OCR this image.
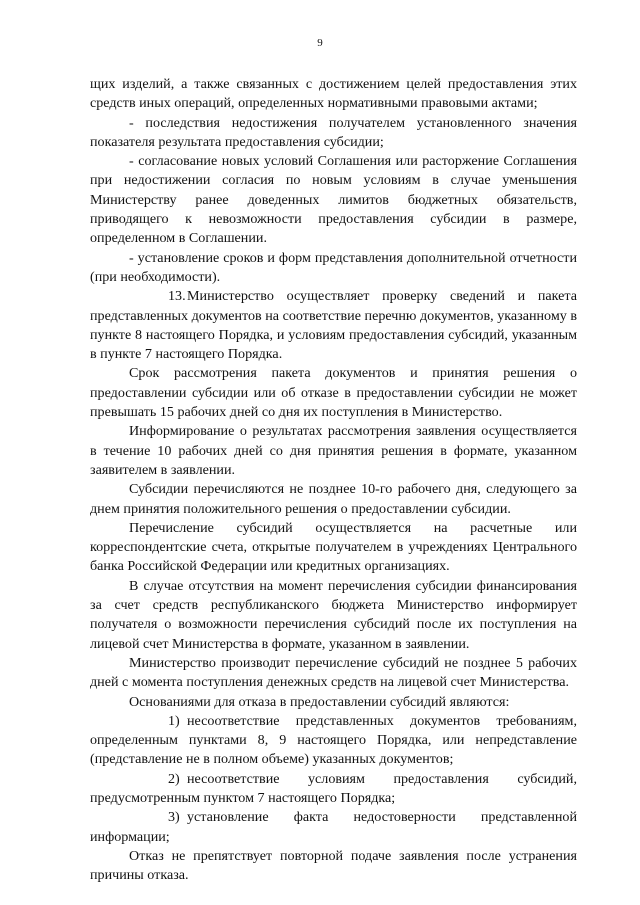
9

щих изделий, а также связанных с достижением целей предоставления этих средств иных операций, определенных нормативными правовыми актами;

- последствия недостижения получателем установленного значения показателя результата предоставления субсидии;

- согласование новых условий Соглашения или расторжение Соглашения при недостижении согласия по новым условиям в случае уменьшения Министерству ранее доведенных лимитов бюджетных обязательств, приводящего к невозможности предоставления субсидии в размере, определенном в Соглашении.

- установление сроков и форм представления дополнительной отчетности (при необходимости).

13.Министерство осуществляет проверку сведений и пакета представленных документов на соответствие перечню документов, указанному в пункте 8 настоящего Порядка, и условиям предоставления субсидий, указанным в пункте 7 настоящего Порядка.

Срок рассмотрения пакета документов и принятия решения о предоставлении субсидии или об отказе в предоставлении субсидии не может превышать 15 рабочих дней со дня их поступления в Министерство.

Информирование о результатах рассмотрения заявления осуществляется в течение 10 рабочих дней со дня принятия решения в формате, указанном заявителем в заявлении.

Субсидии перечисляются не позднее 10-го рабочего дня, следующего за днем принятия положительного решения о предоставлении субсидии.

Перечисление субсидий осуществляется на расчетные или корреспондентские счета, открытые получателем в учреждениях Центрального банка Российской Федерации или кредитных организациях.

В случае отсутствия на момент перечисления субсидии финансирования за счет средств республиканского бюджета Министерство информирует получателя о возможности перечисления субсидий после их поступления на лицевой счет Министерства в формате, указанном в заявлении.

Министерство производит перечисление субсидий не позднее 5 рабочих дней с момента поступления денежных средств на лицевой счет Министерства.

Основаниями для отказа в предоставлении субсидий являются:

1) несоответствие представленных документов требованиям, определенным пунктами 8, 9 настоящего Порядка, или непредставление (представление не в полном объеме) указанных документов;

2) несоответствие условиям предоставления субсидий, предусмотренным пунктом 7 настоящего Порядка;

3) установление факта недостоверности представленной информации;

Отказ не препятствует повторной подаче заявления после устранения причины отказа.
